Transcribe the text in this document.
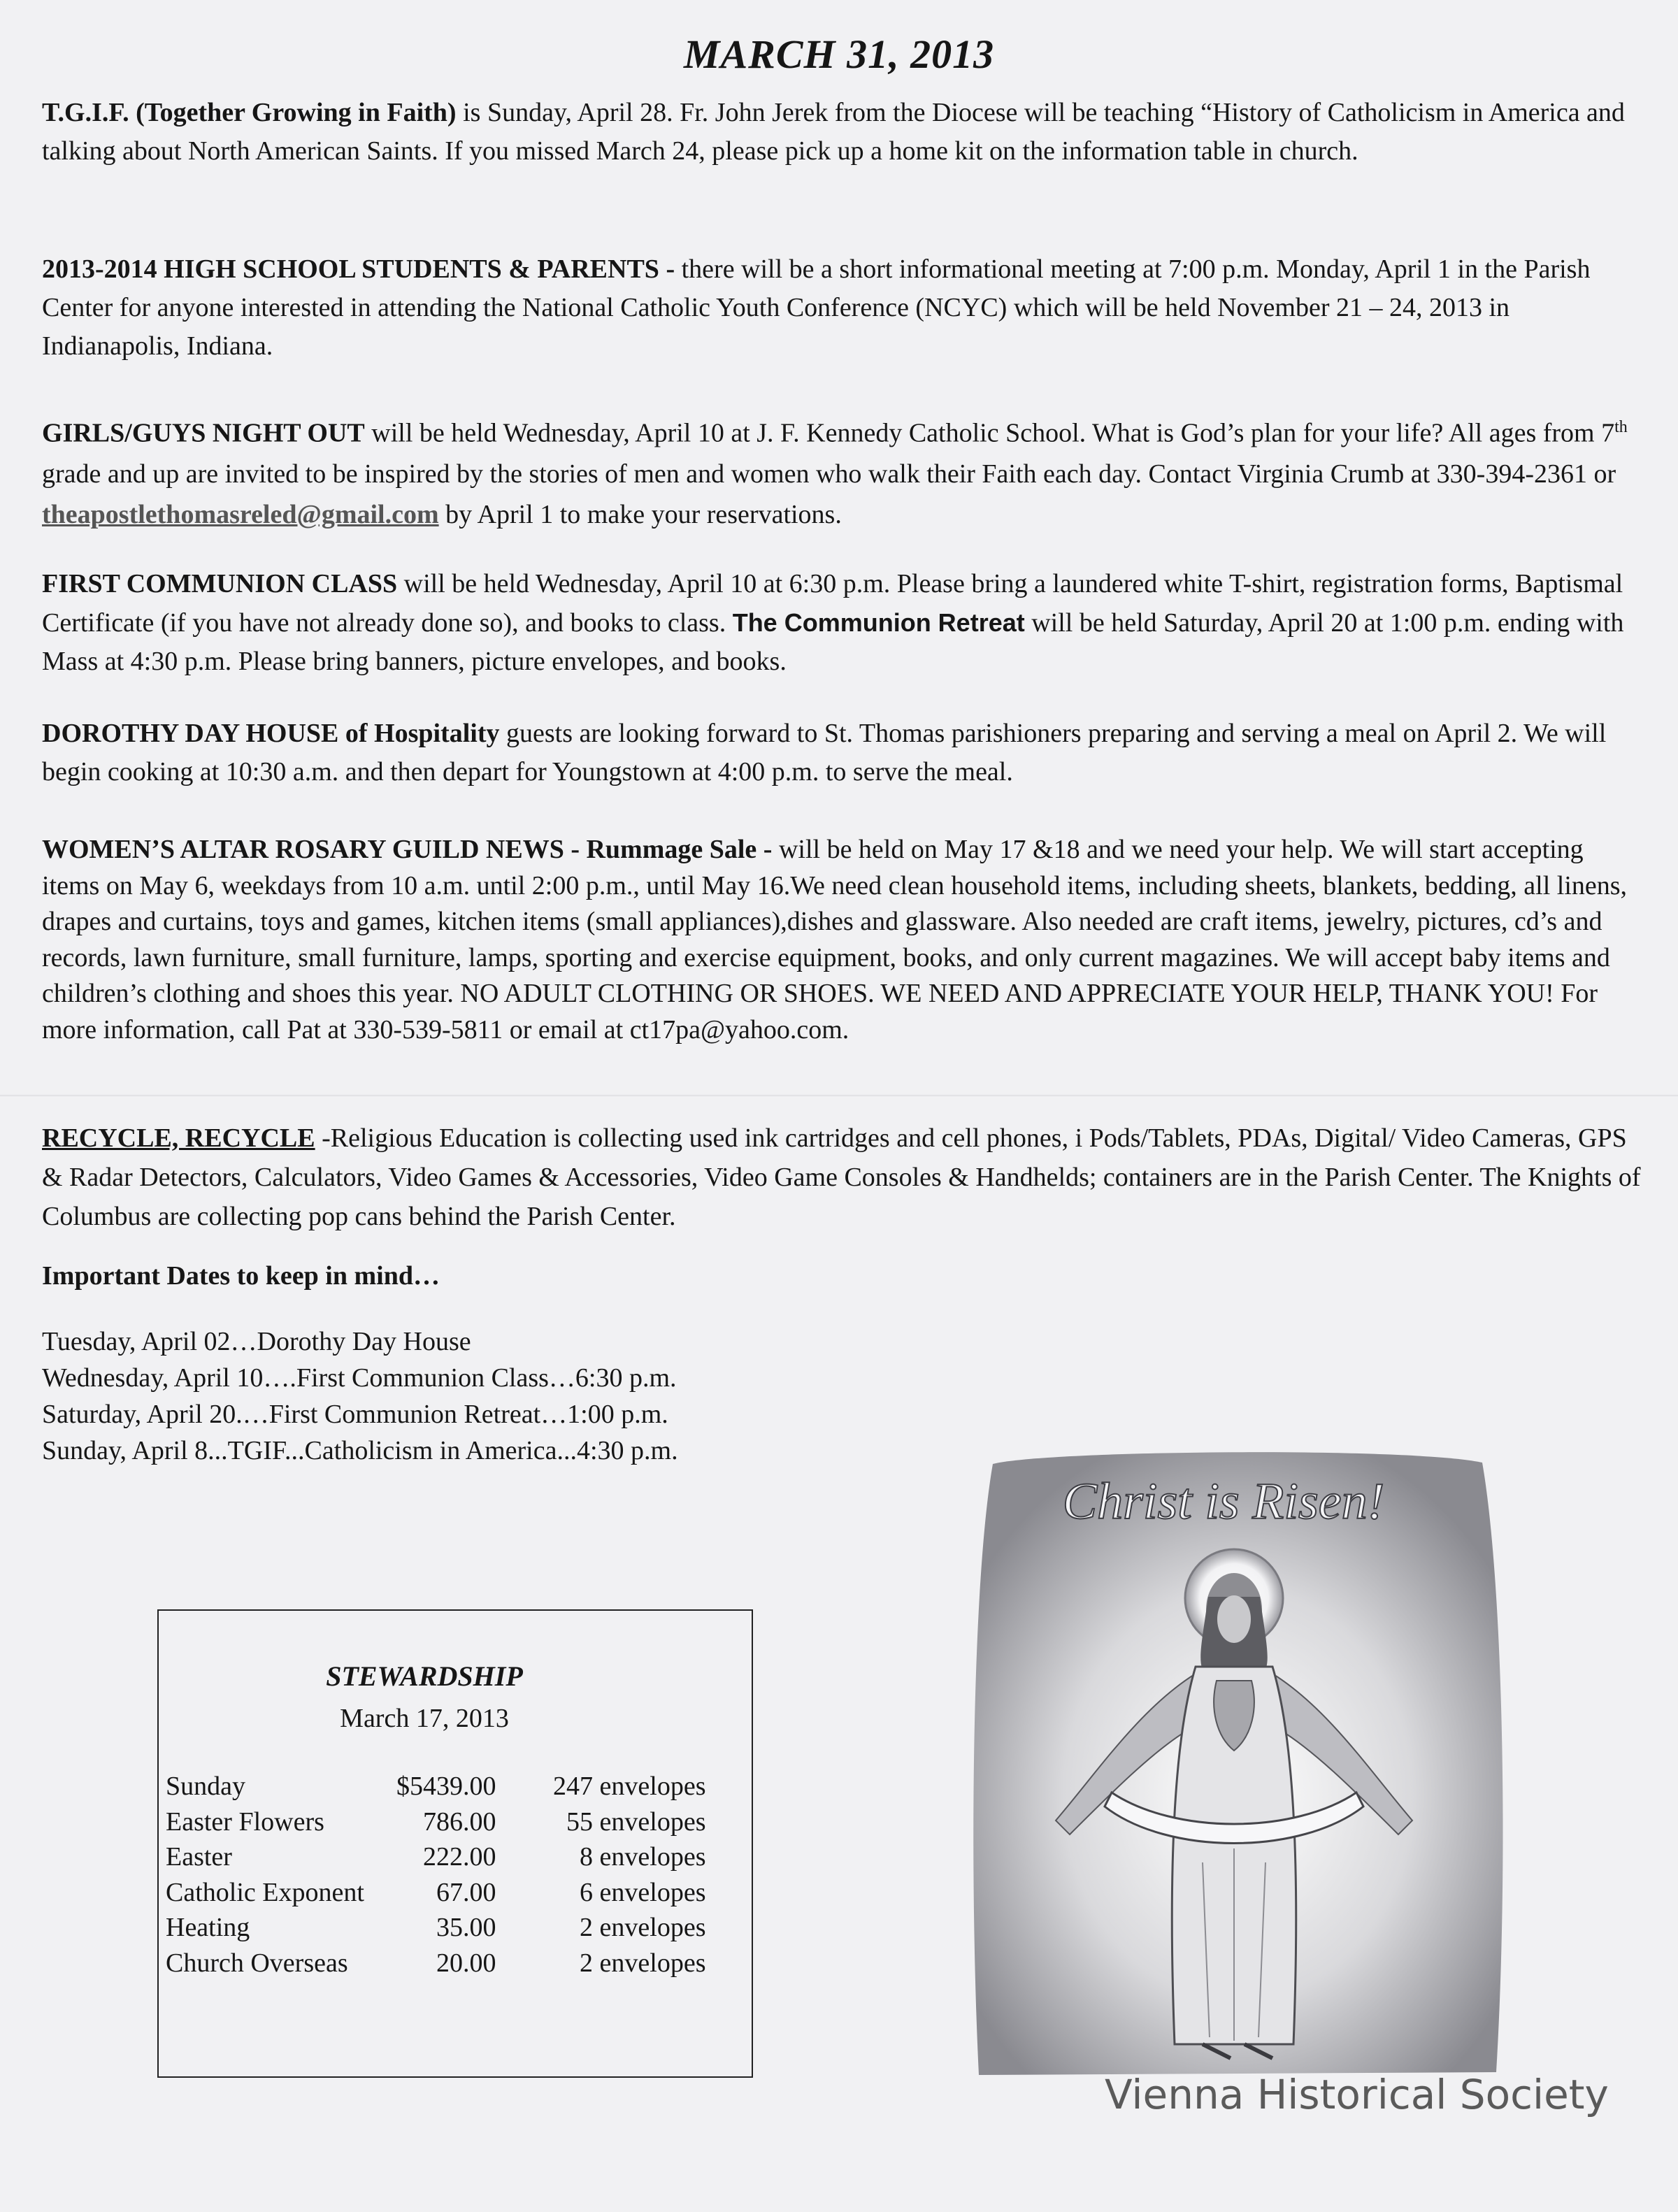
MARCH 31, 2013

T.G.I.F. (Together Growing in Faith) is Sunday, April 28. Fr. John Jerek from the Diocese will be teaching “History of Catholicism in America and talking about North American Saints. If you missed March 24, please pick up a home kit on the information table in church.

2013-2014 HIGH SCHOOL STUDENTS & PARENTS - there will be a short informational meeting at 7:00 p.m. Monday, April 1 in the Parish Center for anyone interested in attending the National Catholic Youth Conference (NCYC) which will be held November 21 – 24, 2013 in Indianapolis, Indiana.

GIRLS/GUYS NIGHT OUT will be held Wednesday, April 10 at J. F. Kennedy Catholic School. What is God’s plan for your life? All ages from 7th grade and up are invited to be inspired by the stories of men and women who walk their Faith each day. Contact Virginia Crumb at 330-394-2361 or theapostlethomasreled@gmail.com by April 1 to make your reservations.

FIRST COMMUNION CLASS will be held Wednesday, April 10 at 6:30 p.m. Please bring a laundered white T-shirt, registration forms, Baptismal Certificate (if you have not already done so), and books to class. The Communion Retreat will be held Saturday, April 20 at 1:00 p.m. ending with Mass at 4:30 p.m. Please bring banners, picture envelopes, and books.

DOROTHY DAY HOUSE of Hospitality guests are looking forward to St. Thomas parishioners preparing and serving a meal on April 2. We will begin cooking at 10:30 a.m. and then depart for Youngstown at 4:00 p.m. to serve the meal.

WOMEN’S ALTAR ROSARY GUILD NEWS - Rummage Sale - will be held on May 17 &18 and we need your help. We will start accepting items on May 6, weekdays from 10 a.m. until 2:00 p.m., until May 16.We need clean household items, including sheets, blankets, bedding, all linens, drapes and curtains, toys and games, kitchen items (small appliances),dishes and glassware. Also needed are craft items, jewelry, pictures, cd’s and records, lawn furniture, small furniture, lamps, sporting and exercise equipment, books, and only current magazines. We will accept baby items and children’s clothing and shoes this year. NO ADULT CLOTHING OR SHOES. WE NEED AND APPRECIATE YOUR HELP, THANK YOU! For more information, call Pat at 330-539-5811 or email at ct17pa@yahoo.com.

RECYCLE, RECYCLE -Religious Education is collecting used ink cartridges and cell phones, i Pods/Tablets, PDAs, Digital/ Video Cameras, GPS & Radar Detectors, Calculators, Video Games & Accessories, Video Game Consoles & Handhelds; containers are in the Parish Center. The Knights of Columbus are collecting pop cans behind the Parish Center.

Important Dates to keep in mind…

Tuesday, April 02…Dorothy Day House

Wednesday, April 10….First Communion Class…6:30 p.m.

Saturday, April 20.…First Communion Retreat…1:00 p.m.

Sunday, April 8...TGIF...Catholicism in America...4:30 p.m.

STEWARDSHIP
March 17, 2013
Sunday	$5439.00	247 envelopes
Easter Flowers	786.00	55 envelopes
Easter	222.00	8 envelopes
Catholic Exponent	67.00	6 envelopes
Heating	35.00	2 envelopes
Church Overseas	20.00	2 envelopes
Christ is Risen!
Vienna Historical Society
